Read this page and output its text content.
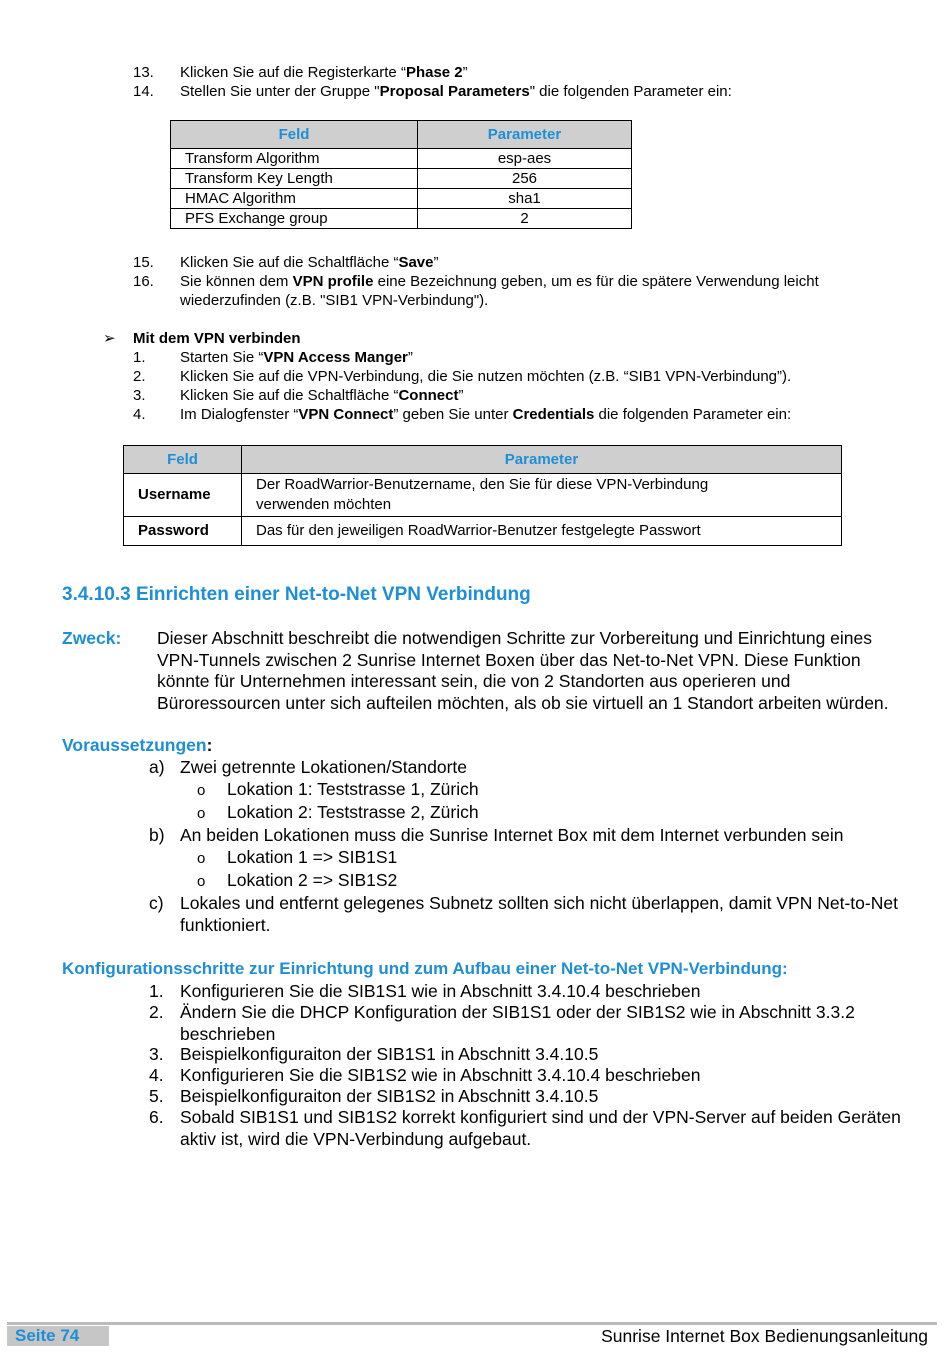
13. Klicken Sie auf die Registerkarte “Phase 2”
14. Stellen Sie unter der Gruppe "Proposal Parameters" die folgenden Parameter ein:
Feld	Parameter
Transform Algorithm	esp-aes
Transform Key Length	256
HMAC Algorithm	sha1
PFS Exchange group	2
15. Klicken Sie auf die Schaltfläche “Save”
16. Sie können dem VPN profile eine Bezeichnung geben, um es für die spätere Verwendung leicht
wiederzufinden (z.B. "SIB1 VPN-Verbindung").
➢ Mit dem VPN verbinden
1. Starten Sie “VPN Access Manger”
2. Klicken Sie auf die VPN-Verbindung, die Sie nutzen möchten (z.B. “SIB1 VPN-Verbindung”).
3. Klicken Sie auf die Schaltfläche “Connect”
4. Im Dialogfenster “VPN Connect” geben Sie unter Credentials die folgenden Parameter ein:
Feld	Parameter
Username	Der RoadWarrior-Benutzername, den Sie für diese VPN-Verbindung
verwenden möchten

Password	Das für den jeweiligen RoadWarrior-Benutzer festgelegte Passwort
3.4.10.3 Einrichten einer Net-to-Net VPN Verbindung
Zweck: Dieser Abschnitt beschreibt die notwendigen Schritte zur Vorbereitung und Einrichtung eines
VPN-Tunnels zwischen 2 Sunrise Internet Boxen über das Net-to-Net VPN. Diese Funktion
könnte für Unternehmen interessant sein, die von 2 Standorten aus operieren und
Büroressourcen unter sich aufteilen möchten, als ob sie virtuell an 1 Standort arbeiten würden.
Voraussetzungen:
a) Zwei getrennte Lokationen/Standorte
o Lokation 1: Teststrasse 1, Zürich
o Lokation 2: Teststrasse 2, Zürich
b) An beiden Lokationen muss die Sunrise Internet Box mit dem Internet verbunden sein
o Lokation 1 => SIB1S1
o Lokation 2 => SIB1S2
c) Lokales und entfernt gelegenes Subnetz sollten sich nicht überlappen, damit VPN Net-to-Net
funktioniert.
Konfigurationsschritte zur Einrichtung und zum Aufbau einer Net-to-Net VPN-Verbindung:
1. Konfigurieren Sie die SIB1S1 wie in Abschnitt 3.4.10.4 beschrieben
2. Ändern Sie die DHCP Konfiguration der SIB1S1 oder der SIB1S2 wie in Abschnitt 3.3.2
beschrieben
3. Beispielkonfiguraiton der SIB1S1 in Abschnitt 3.4.10.5
4. Konfigurieren Sie die SIB1S2 wie in Abschnitt 3.4.10.4 beschrieben
5. Beispielkonfiguraiton der SIB1S2 in Abschnitt 3.4.10.5
6. Sobald SIB1S1 und SIB1S2 korrekt konfiguriert sind und der VPN-Server auf beiden Geräten
aktiv ist, wird die VPN-Verbindung aufgebaut.
Seite 74	Sunrise Internet Box Bedienungsanleitung
